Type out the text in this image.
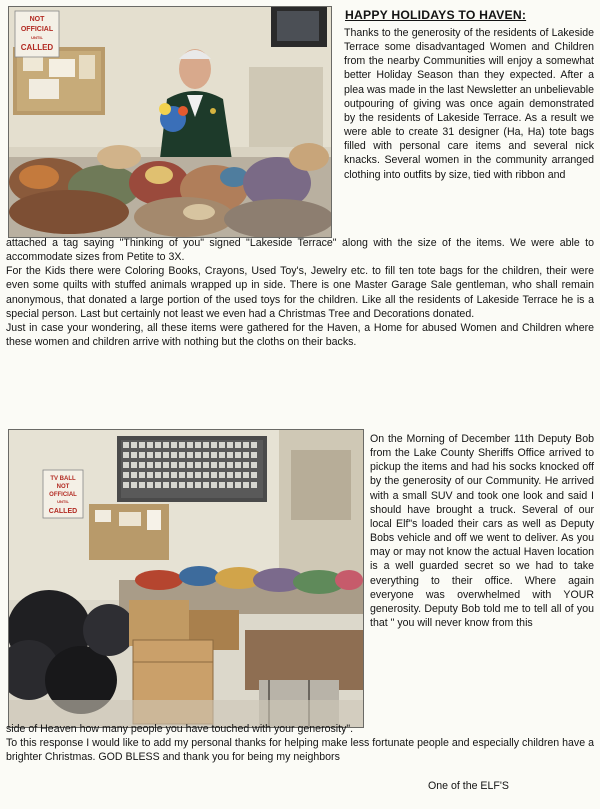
NOT
OFFICIAL
UNTIL
CALLED
HAPPY HOLIDAYS TO HAVEN:

Thanks to the generosity of the residents of Lakeside Terrace some disadvantaged Women and Children from the nearby Communities will enjoy a somewhat better Holiday Season than they expected. After a plea was made in the last Newsletter an unbelievable outpouring of giving was once again demonstrated by the residents of Lakeside Terrace. As a result we were able to create 31 designer (Ha, Ha) tote bags filled with personal care items and several nick knacks. Several women in the community arranged clothing into outfits by size, tied with ribbon and

attached a tag saying "Thinking of you" signed "Lakeside Terrace" along with the size of the items. We were able to accommodate sizes from Petite to 3X.

For the Kids there were Coloring Books, Crayons, Used Toy's, Jewelry etc. to fill ten tote bags for the children, their were even some quilts with stuffed animals wrapped up in side. There is one Master Garage Sale gentleman, who shall remain anonymous, that donated a large portion of the used toys for the children. Like all the residents of Lakeside Terrace he is a special person. Last but certainly not least we even had a Christmas Tree and Decorations donated.

Just in case your wondering, all these items were gathered for the Haven, a Home for abused Women and Children where these women and children arrive with nothing but the cloths on their backs.

TV BALL
NOT
OFFICIAL
UNTIL
CALLED

On the Morning of December 11th Deputy Bob from the Lake County Sheriffs Office arrived to pickup the items and had his socks knocked off by the generosity of our Community. He arrived with a small SUV and took one look and said I should have brought a truck. Several of our local Elf"s loaded their cars as well as Deputy Bobs vehicle and off we went to deliver. As you may or may not know the actual Haven location is a well guarded secret so we had to take everything to their office. Where again everyone was overwhelmed with YOUR generosity. Deputy Bob told me to tell all of you that " you will never know from this

side of Heaven how many people you have touched with your generosity".

To this response I would like to add my personal thanks for helping make less fortunate people and especially children have a brighter Christmas. GOD BLESS and thank you for being my neighbors

One of the ELF'S
